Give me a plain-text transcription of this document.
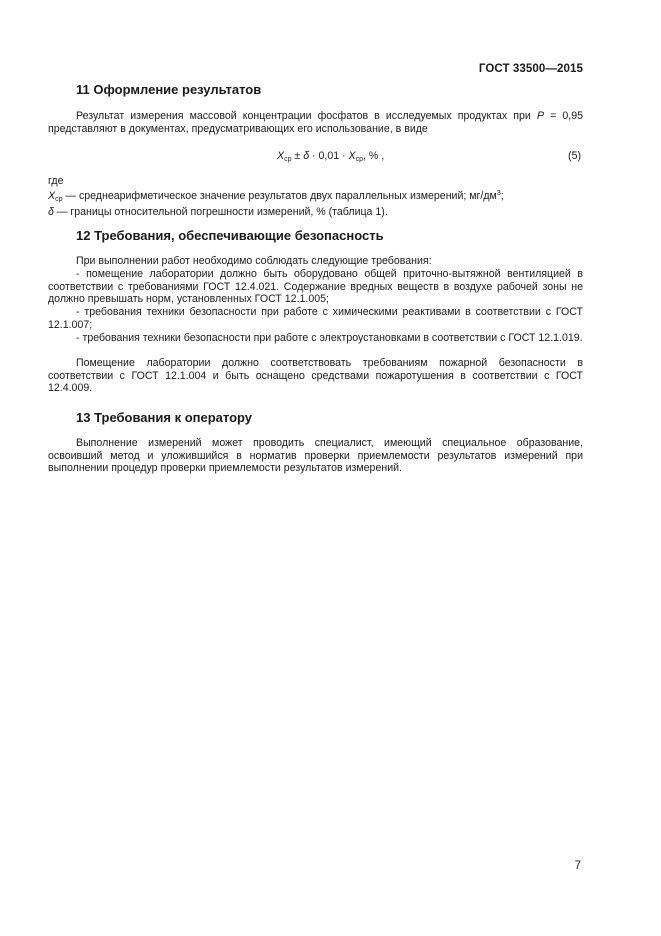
ГОСТ 33500—2015
11 Оформление результатов
Результат измерения массовой концентрации фосфатов в исследуемых продуктах при P = 0,95 представляют в документах, предусматривающих его использование, в виде
$X_{ср} \pm \delta \cdot 0,01 \cdot X_{ср}$, % ,	(5)
где
$X_{ср}$ — среднеарифметическое значение результатов двух параллельных измерений; $мг/дм^3$;
δ — границы относительной погрешности измерений, % (таблица 1).
12 Требования, обеспечивающие безопасность
При выполнении работ необходимо соблюдать следующие требования:
- помещение лаборатории должно быть оборудовано общей приточно-вытяжной вентиляцией в соответствии с требованиями ГОСТ 12.4.021. Содержание вредных веществ в воздухе рабочей зоны не должно превышать норм, установленных ГОСТ 12.1.005;
- требования техники безопасности при работе с химическими реактивами в соответствии с ГОСТ 12.1.007;
- требования техники безопасности при работе с электроустановками в соответствии с ГОСТ 12.1.019.
Помещение лаборатории должно соответствовать требованиям пожарной безопасности в соответствии с ГОСТ 12.1.004 и быть оснащено средствами пожаротушения в соответствии с ГОСТ 12.4.009.
13 Требования к оператору
Выполнение измерений может проводить специалист, имеющий специальное образование, освоивший метод и уложившийся в норматив проверки приемлемости результатов измерений при выполнении процедур проверки приемлемости результатов измерений.
7
